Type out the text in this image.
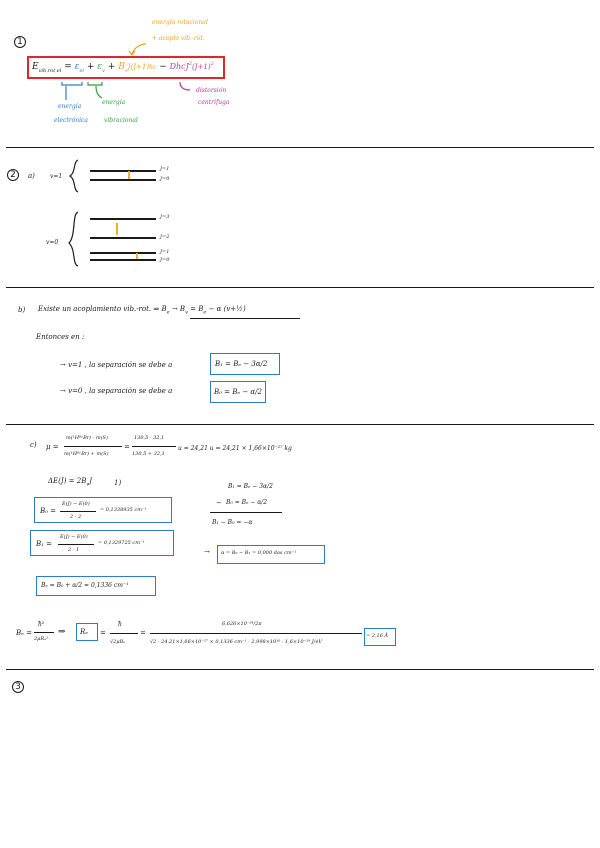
1
energía rotacional
+ acoplo vib.-rot.
$E_{vib,rot,el} = \varepsilon_{el} + \varepsilon_v + B_vJ(J+1)hc$ − $DhcJ^2(J+1)^2$
energía
electrónica
energía
vibracional
distorsión
centrífuga
2	a)	v=1
J=1
J=0
v=0
J=3
J=2
J=1
J=0
b) Existe un acoplamiento vib.-rot. ⇒ $B_e \to B_v = B_e - \alpha$ (v+½)
Entonces en :
→ v=1 , la separación se debe a	B₁ = Bₑ − 3α/2
→ v=0 , la separación se debe a	B₀ = Bₑ − α/2
c) μ =
m(¹H⁸¹Br) · m(S)
m(¹H⁸¹Br) + m(S)
=
130,5 · 32,1
130,5 + 32,1
u = 24,21 u = 24,21 × 1,66×10⁻²⁷ kg
$\Delta E(J) = 2B_vJ$	1)
B₀ =
E(J) − E(0)
2 · 2
= 0,1338935 cm⁻¹
B₁ =
E(J) − E(0)
2 · 1
= 0,1329725 cm⁻¹
B₁ = Bₑ − 3α/2
− B₀ = Bₑ − α/2
B₁ − B₀ = −α
→ α = B₀ − B₁ = 0,000 das cm⁻¹
Bₑ = B₀ + α/2 = 0,1336 cm⁻¹
Bₑ =
ħ²
2μRₑ²
⇒ Rₑ =
ħ
√2μBₑ
=
6,626×10⁻³⁴/2π
√2 · 24,21×1,66×10⁻²⁷ × 0,1336 cm⁻¹ · 2,998×10¹⁰ · 1,6×10⁻¹⁹ J/eV
= 2,16 Å
3
